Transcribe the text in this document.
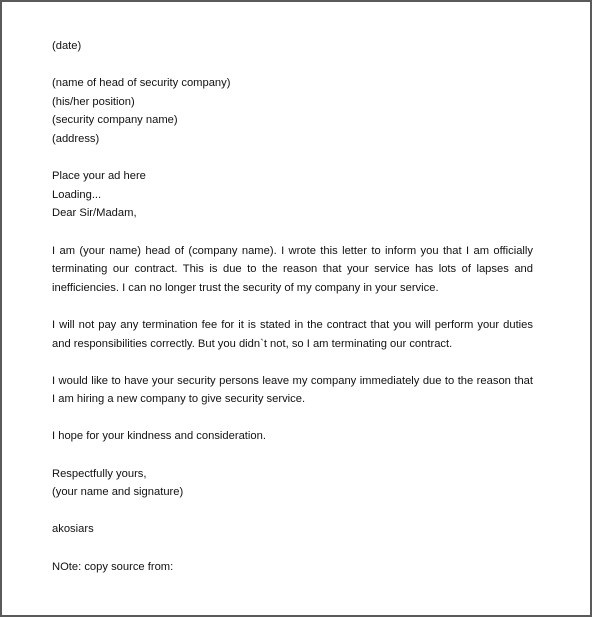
(date)

(name of head of security company)

(his/her position)

(security company name)

(address)

Place your ad here

Loading...

Dear Sir/Madam,

I am (your name) head of (company name). I wrote this letter to inform you that I am officially terminating our contract. This is due to the reason that your service has lots of lapses and inefficiencies. I can no longer trust the security of my company in your service.

I will not pay any termination fee for it is stated in the contract that you will perform your duties and responsibilities correctly. But you didn`t not, so I am terminating our contract.

I would like to have your security persons leave my company immediately due to the reason that I am hiring a new company to give security service.

I hope for your kindness and consideration.

Respectfully yours,

(your name and signature)

akosiars

NOte: copy source from:
